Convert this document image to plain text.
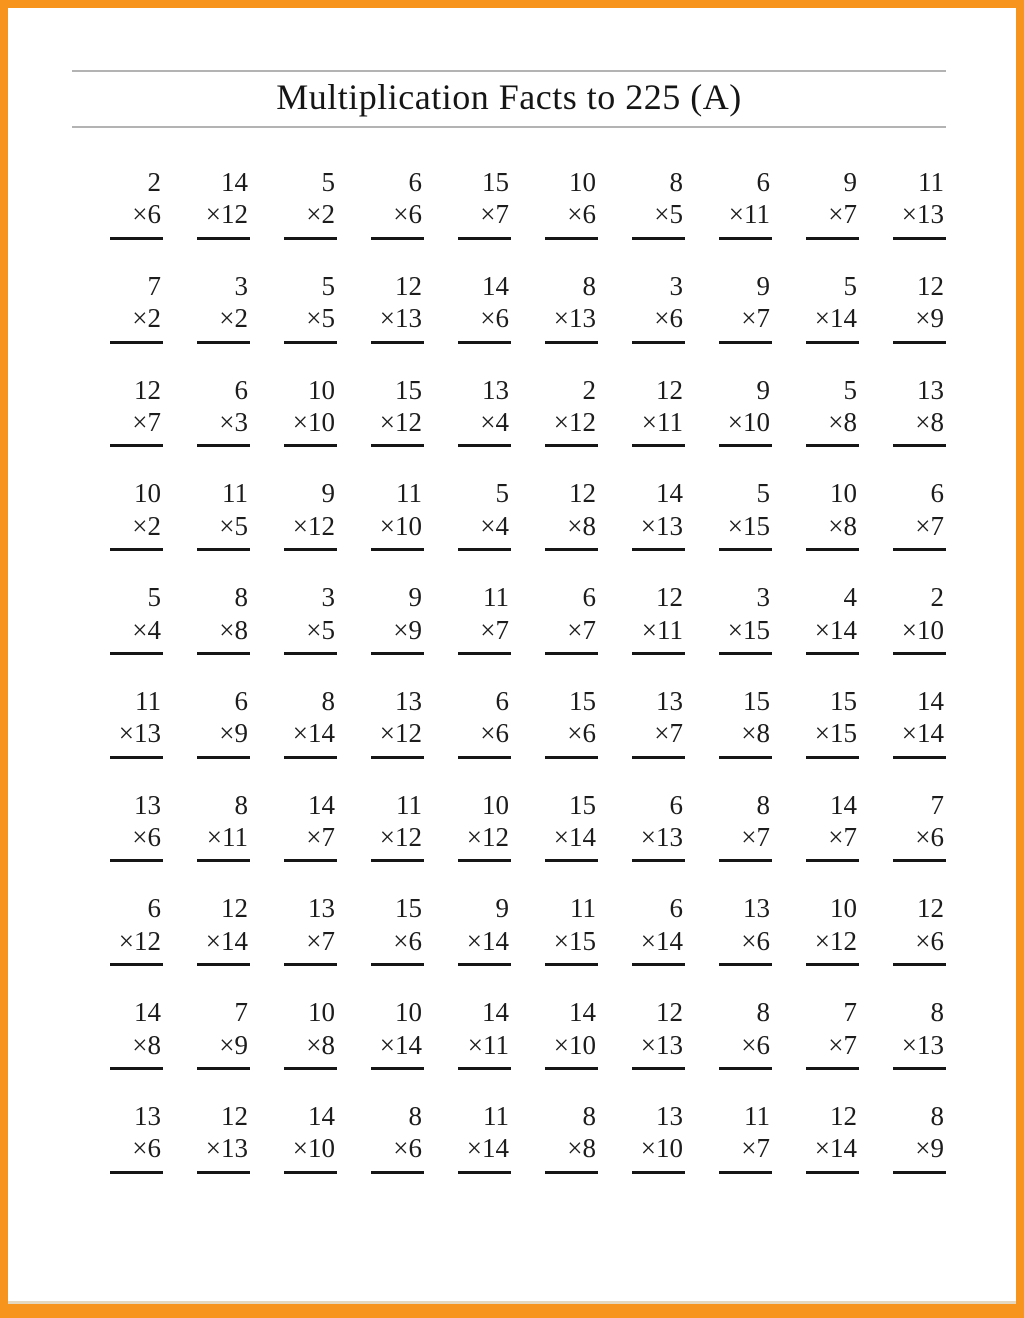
Multiplication Facts to 225 (A)
2
×6
14
×12
5
×2
6
×6
15
×7
10
×6
8
×5
6
×11
9
×7
11
×13
7
×2
3
×2
5
×5
12
×13
14
×6
8
×13
3
×6
9
×7
5
×14
12
×9
12
×7
6
×3
10
×10
15
×12
13
×4
2
×12
12
×11
9
×10
5
×8
13
×8
10
×2
11
×5
9
×12
11
×10
5
×4
12
×8
14
×13
5
×15
10
×8
6
×7
5
×4
8
×8
3
×5
9
×9
11
×7
6
×7
12
×11
3
×15
4
×14
2
×10
11
×13
6
×9
8
×14
13
×12
6
×6
15
×6
13
×7
15
×8
15
×15
14
×14
13
×6
8
×11
14
×7
11
×12
10
×12
15
×14
6
×13
8
×7
14
×7
7
×6
6
×12
12
×14
13
×7
15
×6
9
×14
11
×15
6
×14
13
×6
10
×12
12
×6
14
×8
7
×9
10
×8
10
×14
14
×11
14
×10
12
×13
8
×6
7
×7
8
×13
13
×6
12
×13
14
×10
8
×6
11
×14
8
×8
13
×10
11
×7
12
×14
8
×9
